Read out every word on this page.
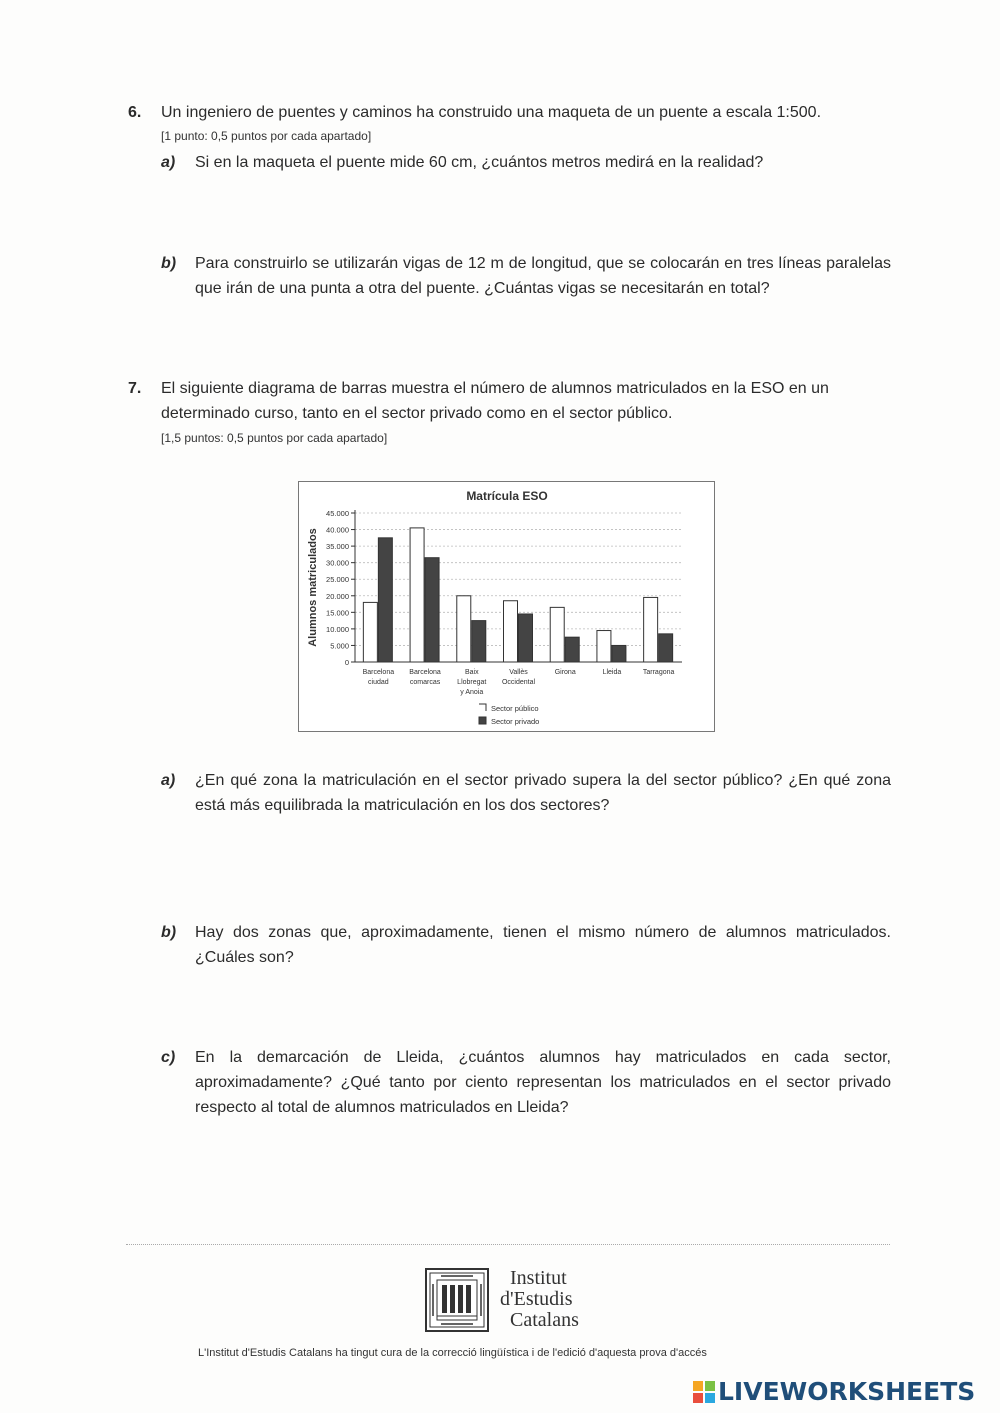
6. Un ingeniero de puentes y caminos ha construido una maqueta de un puente a escala 1:500.
[1 punto: 0,5 puntos por cada apartado]
a) Si en la maqueta el puente mide 60 cm, ¿cuántos metros medirá en la realidad?
b) Para construirlo se utilizarán vigas de 12 m de longitud, que se colocarán en tres líneas paralelas que irán de una punta a otra del puente. ¿Cuántas vigas se necesitarán en total?
7. El siguiente diagrama de barras muestra el número de alumnos matriculados en la ESO en un determinado curso, tanto en el sector privado como en el sector público.
[1,5 puntos: 0,5 puntos por cada apartado]
Matrícula ESO
Alumnos matriculados
0
5.000
10.000
15.000
20.000
25.000
30.000
35.000
40.000
45.000
Barcelona
ciudad
Barcelona
comarcas
Baix
Llobregat
y Anoia
Vallès
Occidental
Girona	Lleida	Tarragona
Sector público
Sector privado
a) ¿En qué zona la matriculación en el sector privado supera la del sector público? ¿En qué zona está más equilibrada la matriculación en los dos sectores?
b) Hay dos zonas que, aproximadamente, tienen el mismo número de alumnos matriculados. ¿Cuáles son?
c) En la demarcación de Lleida, ¿cuántos alumnos hay matriculados en cada sector, aproximadamente? ¿Qué tanto por ciento representan los matriculados en el sector privado respecto al total de alumnos matriculados en Lleida?
Institut
d'Estudis
Catalans
L'Institut d'Estudis Catalans ha tingut cura de la correcció lingüística i de l'edició d'aquesta prova d'accés
LIVEWORKSHEETS
